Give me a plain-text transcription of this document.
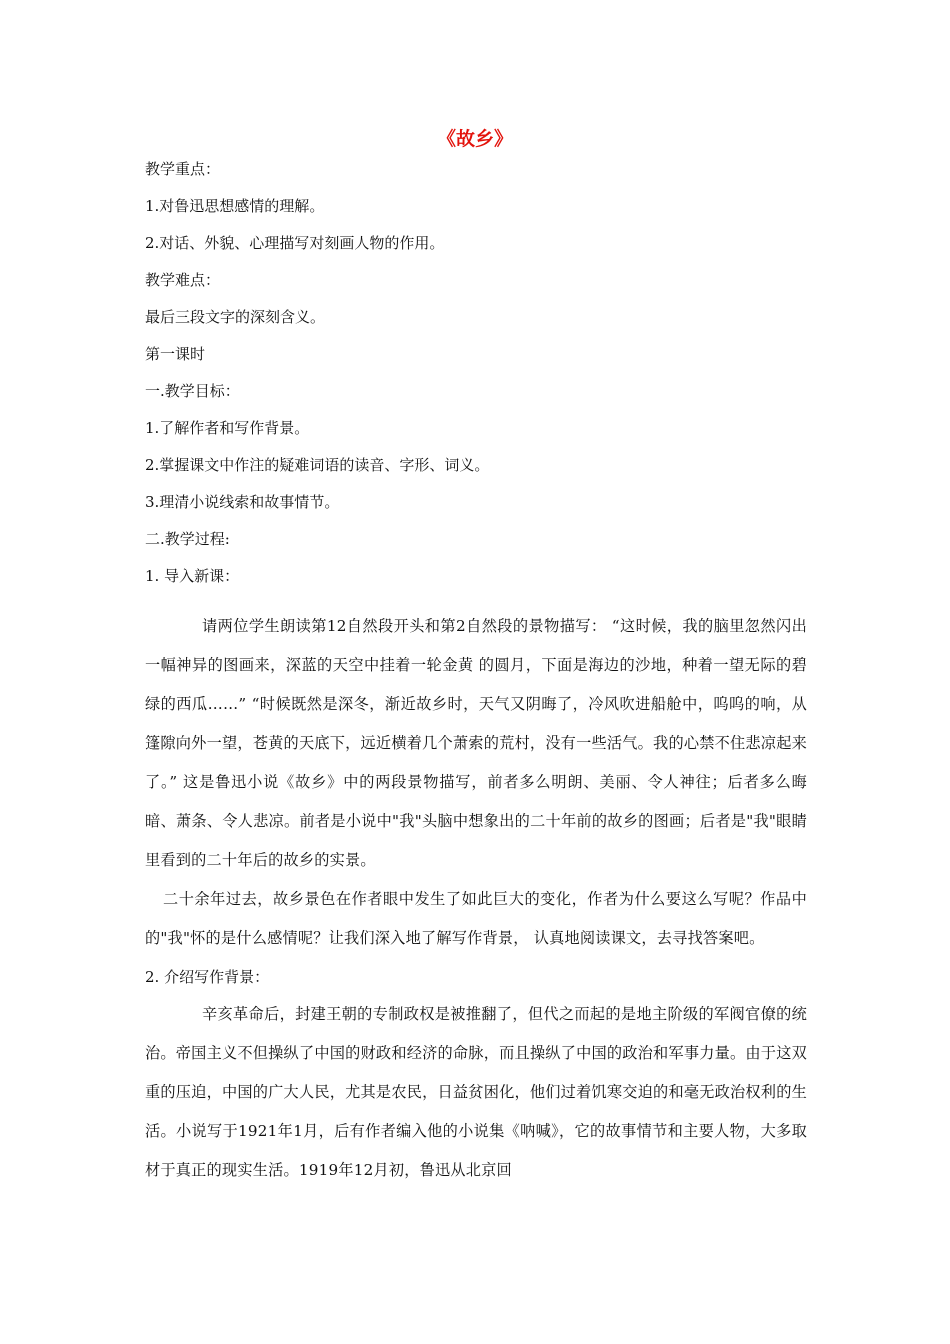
《故乡》
教学重点：
1.对鲁迅思想感情的理解。
2.对话、外貌、心理描写对刻画人物的作用。
教学难点：
最后三段文字的深刻含义。
第一课时
一.教学目标：
1.了解作者和写作背景。
2.掌握课文中作注的疑难词语的读音、字形、词义。
3.理清小说线索和故事情节。
二.教学过程:
1. 导入新课：

请两位学生朗读第12自然段开头和第2自然段的景物描写： “这时候，我的脑里忽然闪出一幅神异的图画来，深蓝的天空中挂着一轮金黄 的圆月，下面是海边的沙地，种着一望无际的碧绿的西瓜……” “时候既然是深冬，渐近故乡时，天气又阴晦了，冷风吹进船舱中，呜呜的响，从篷隙向外一望，苍黄的天底下，远近横着几个萧索的荒村，没有一些活气。我的心禁不住悲凉起来了。” 这是鲁迅小说《故乡》中的两段景物描写，前者多么明朗、美丽、令人神往；后者多么晦暗、萧条、令人悲凉。前者是小说中"我"头脑中想象出的二十年前的故乡的图画；后者是"我"眼睛里看到的二十年后的故乡的实景。

二十余年过去，故乡景色在作者眼中发生了如此巨大的变化，作者为什么要这么写呢？作品中的"我"怀的是什么感情呢？让我们深入地了解写作背景， 认真地阅读课文，去寻找答案吧。

2. 介绍写作背景：

辛亥革命后，封建王朝的专制政权是被推翻了，但代之而起的是地主阶级的军阀官僚的统治。帝国主义不但操纵了中国的财政和经济的命脉，而且操纵了中国的政治和军事力量。由于这双重的压迫，中国的广大人民，尤其是农民，日益贫困化，他们过着饥寒交迫的和毫无政治权利的生活。小说写于1921年1月，后有作者编入他的小说集《呐喊》，它的故事情节和主要人物，大多取材于真正的现实生活。1919年12月初，鲁迅从北京回
